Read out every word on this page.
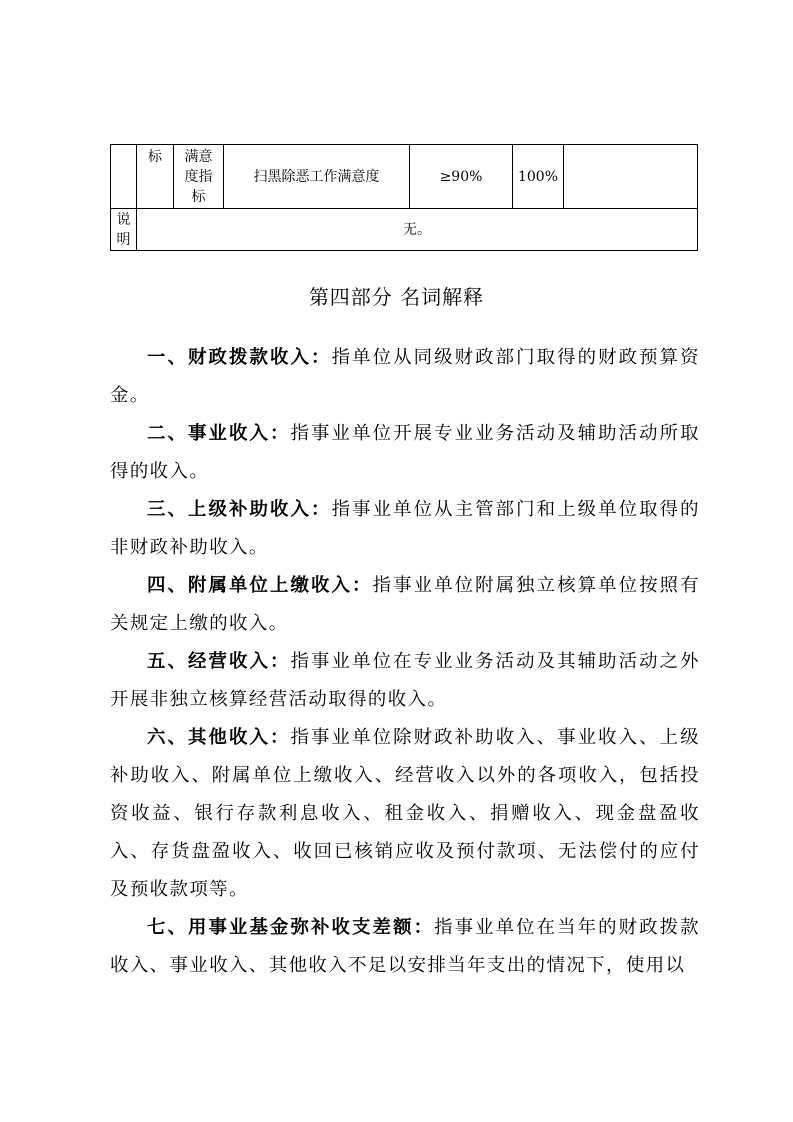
	标	满意度指标	扫黑除恶工作满意度	≥90%	100%	
说明	无。					
第四部分 名词解释

一、财政拨款收入：指单位从同级财政部门取得的财政预算资金。

二、事业收入：指事业单位开展专业业务活动及辅助活动所取得的收入。

三、上级补助收入：指事业单位从主管部门和上级单位取得的非财政补助收入。

四、附属单位上缴收入：指事业单位附属独立核算单位按照有关规定上缴的收入。

五、经营收入：指事业单位在专业业务活动及其辅助活动之外开展非独立核算经营活动取得的收入。

六、其他收入：指事业单位除财政补助收入、事业收入、上级补助收入、附属单位上缴收入、经营收入以外的各项收入，包括投资收益、银行存款利息收入、租金收入、捐赠收入、现金盘盈收入、存货盘盈收入、收回已核销应收及预付款项、无法偿付的应付及预收款项等。

七、用事业基金弥补收支差额：指事业单位在当年的财政拨款收入、事业收入、其他收入不足以安排当年支出的情况下，使用以
